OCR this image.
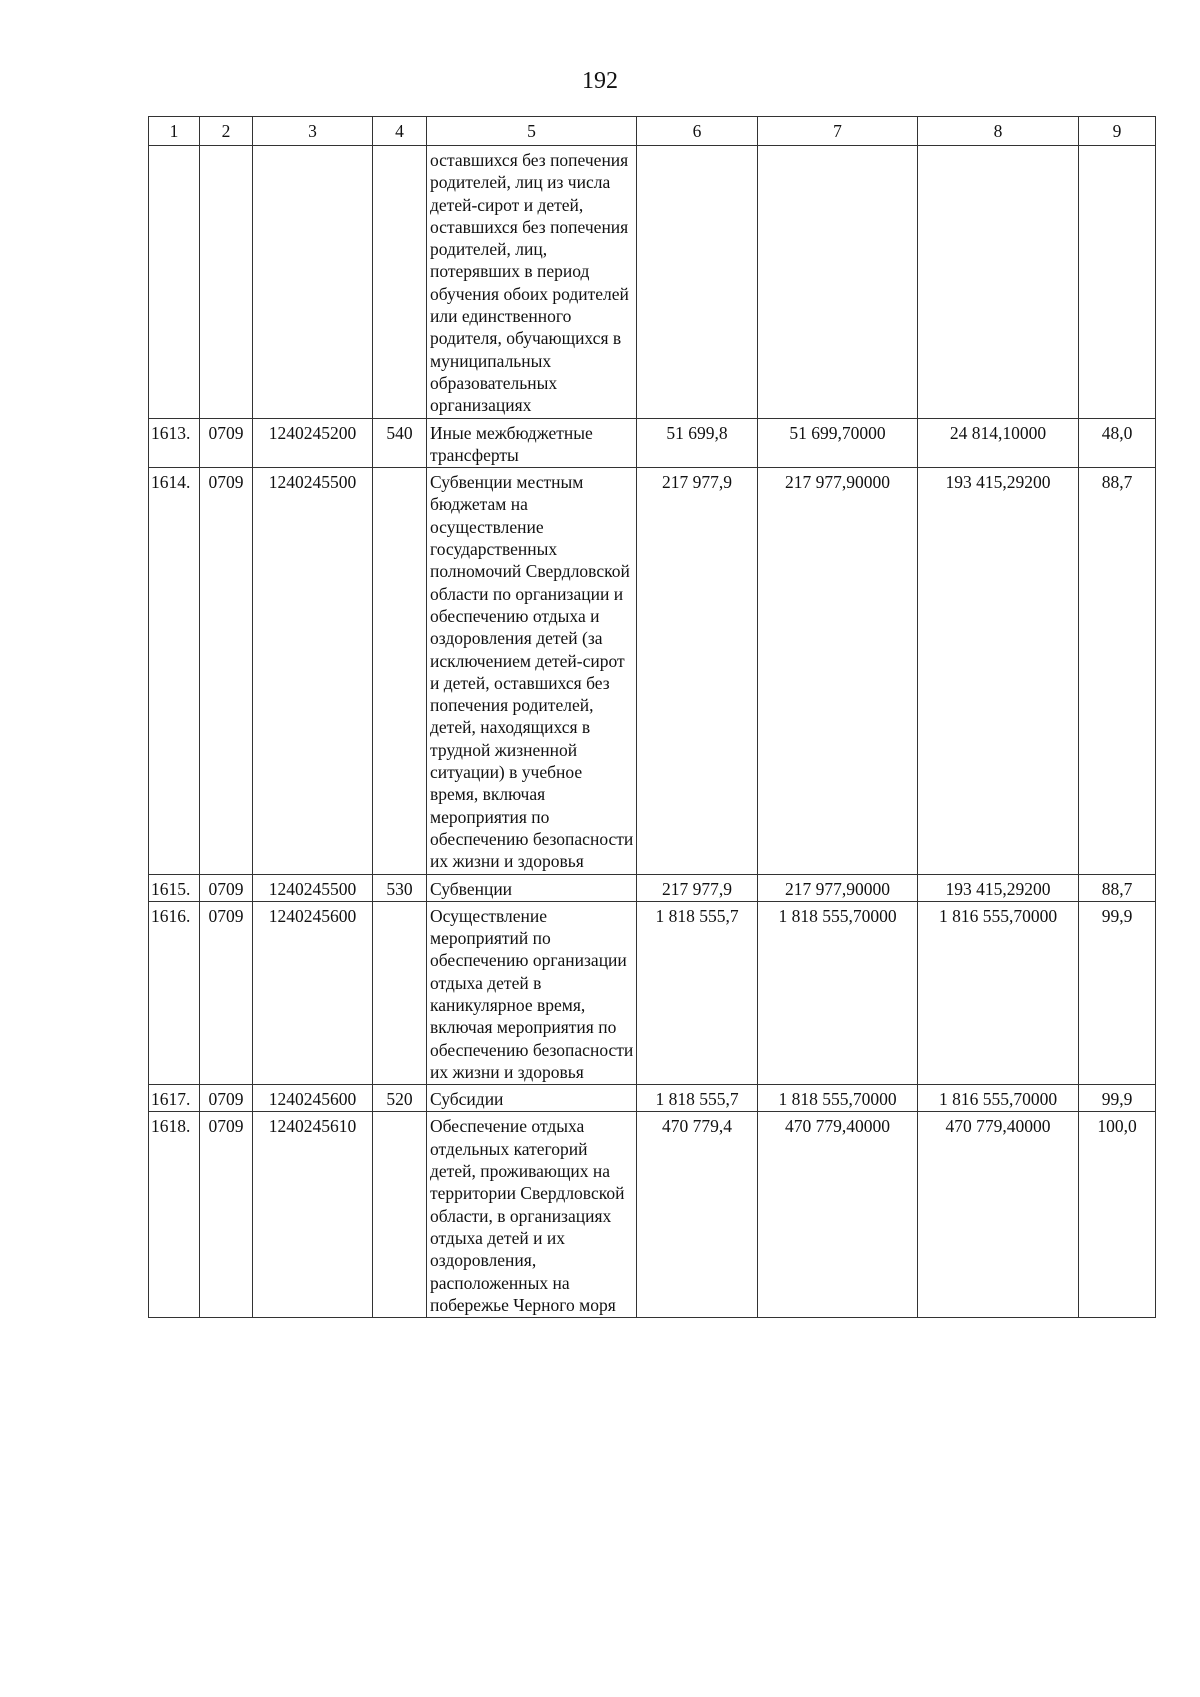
192
1	2	3	4	5	6	7	8	9
				оставшихся без попечения родителей, лиц из числа детей-сирот и детей, оставшихся без попечения родителей, лиц, потерявших в период обучения обоих родителей или единственного родителя, обучающихся в муниципальных образовательных организациях				
1613.	0709	1240245200	540	Иные межбюджетные трансферты	51 699,8	51 699,70000	24 814,10000	48,0
1614.	0709	1240245500		Субвенции местным бюджетам на осуществление государственных полномочий Свердловской области по организации и обеспечению отдыха и оздоровления детей (за исключением детей-сирот и детей, оставшихся без попечения родителей, детей, находящихся в трудной жизненной ситуации) в учебное время, включая мероприятия по обеспечению безопасности их жизни и здоровья	217 977,9	217 977,90000	193 415,29200	88,7
1615.	0709	1240245500	530	Субвенции	217 977,9	217 977,90000	193 415,29200	88,7
1616.	0709	1240245600		Осуществление мероприятий по обеспечению организации отдыха детей в каникулярное время, включая мероприятия по обеспечению безопасности их жизни и здоровья	1 818 555,7	1 818 555,70000	1 816 555,70000	99,9
1617.	0709	1240245600	520	Субсидии	1 818 555,7	1 818 555,70000	1 816 555,70000	99,9
1618.	0709	1240245610		Обеспечение отдыха отдельных категорий детей, проживающих на территории Свердловской области, в организациях отдыха детей и их оздоровления, расположенных на побережье Черного моря	470 779,4	470 779,40000	470 779,40000	100,0
